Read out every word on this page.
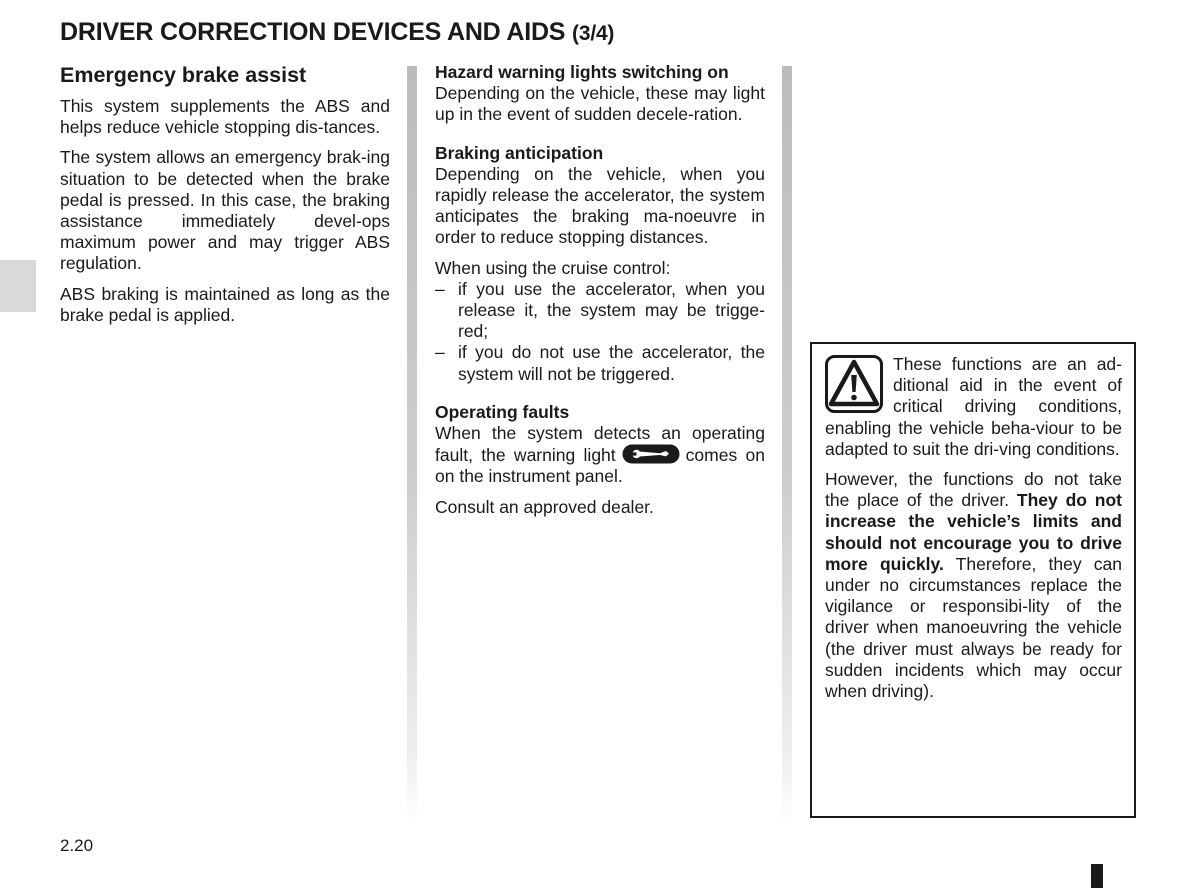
DRIVER CORRECTION DEVICES AND AIDS (3/4)
Emergency brake assist

This system supplements the ABS and helps reduce vehicle stopping dis-tances.

The system allows an emergency brak-ing situation to be detected when the brake pedal is pressed. In this case, the braking assistance immediately devel-ops maximum power and may trigger ABS regulation.

ABS braking is maintained as long as the brake pedal is applied.

Hazard warning lights switching on

Depending on the vehicle, these may light up in the event of sudden decele-ration.

Braking anticipation

Depending on the vehicle, when you rapidly release the accelerator, the system anticipates the braking ma-noeuvre in order to reduce stopping distances.

When using the cruise control:

– if you use the accelerator, when you release it, the system may be trigge-red;
– if you do not use the accelerator, the system will not be triggered.

Operating faults

When the system detects an operating fault, the warning light	comes on on the instrument panel.

Consult an approved dealer.

These functions are an ad-ditional aid in the event of critical driving conditions, enabling the vehicle beha-viour to be adapted to suit the dri-ving conditions.

However, the functions do not take the place of the driver. They do not increase the vehicle’s limits and should not encourage you to drive more quickly. Therefore, they can under no circumstances replace the vigilance or responsibi-lity of the driver when manoeuvring the vehicle (the driver must always be ready for sudden incidents which may occur when driving).

2.20
